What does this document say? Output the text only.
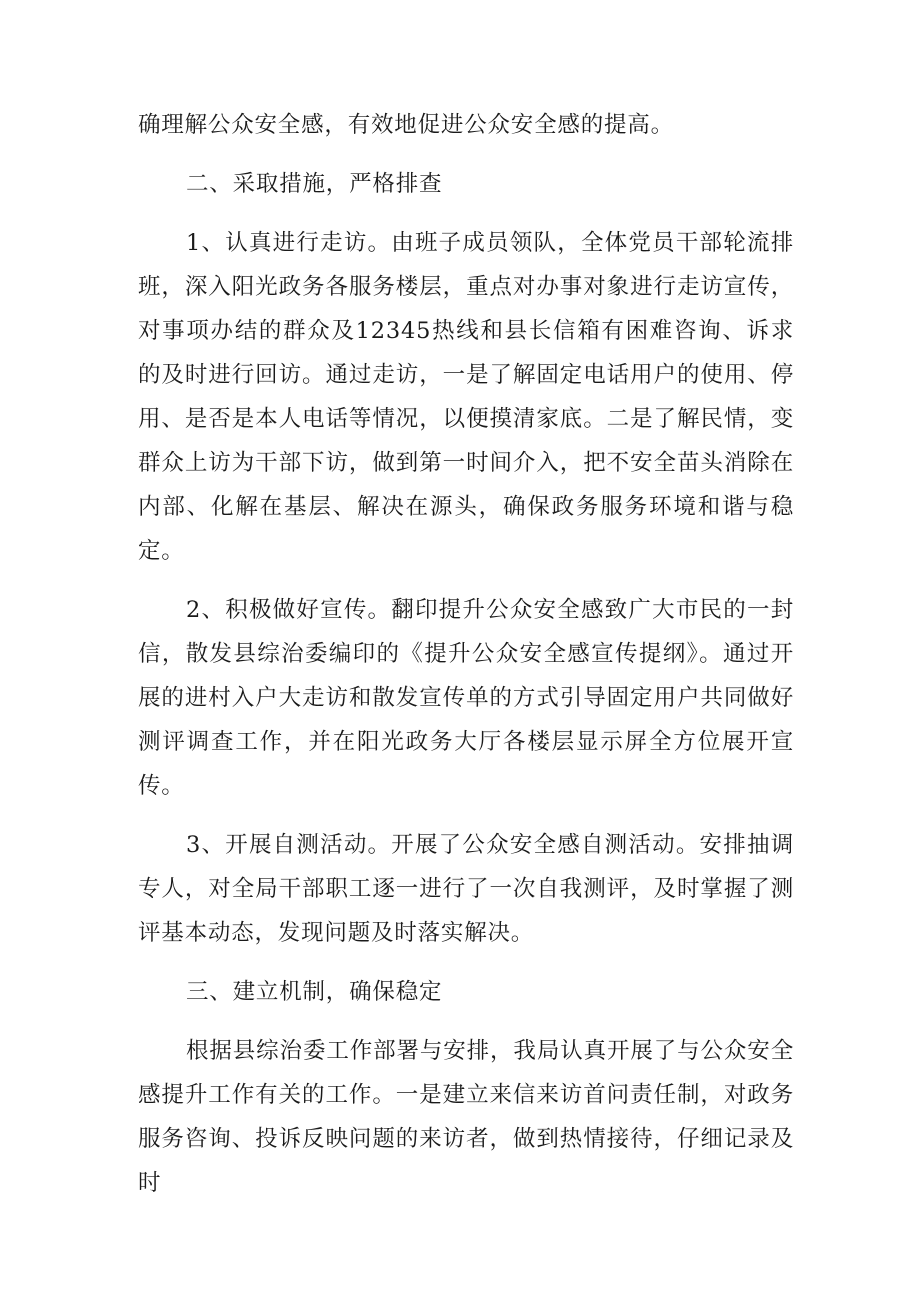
确理解公众安全感，有效地促进公众安全感的提高。

二、采取措施，严格排查

1、认真进行走访。由班子成员领队，全体党员干部轮流排班，深入阳光政务各服务楼层，重点对办事对象进行走访宣传，对事项办结的群众及12345热线和县长信箱有困难咨询、诉求的及时进行回访。通过走访，一是了解固定电话用户的使用、停用、是否是本人电话等情况，以便摸清家底。二是了解民情，变群众上访为干部下访，做到第一时间介入，把不安全苗头消除在内部、化解在基层、解决在源头，确保政务服务环境和谐与稳定。

2、积极做好宣传。翻印提升公众安全感致广大市民的一封信，散发县综治委编印的《提升公众安全感宣传提纲》。通过开展的进村入户大走访和散发宣传单的方式引导固定用户共同做好测评调查工作，并在阳光政务大厅各楼层显示屏全方位展开宣传。

3、开展自测活动。开展了公众安全感自测活动。安排抽调专人，对全局干部职工逐一进行了一次自我测评，及时掌握了测评基本动态，发现问题及时落实解决。

三、建立机制，确保稳定

根据县综治委工作部署与安排，我局认真开展了与公众安全感提升工作有关的工作。一是建立来信来访首问责任制，对政务服务咨询、投诉反映问题的来访者，做到热情接待，仔细记录及时
